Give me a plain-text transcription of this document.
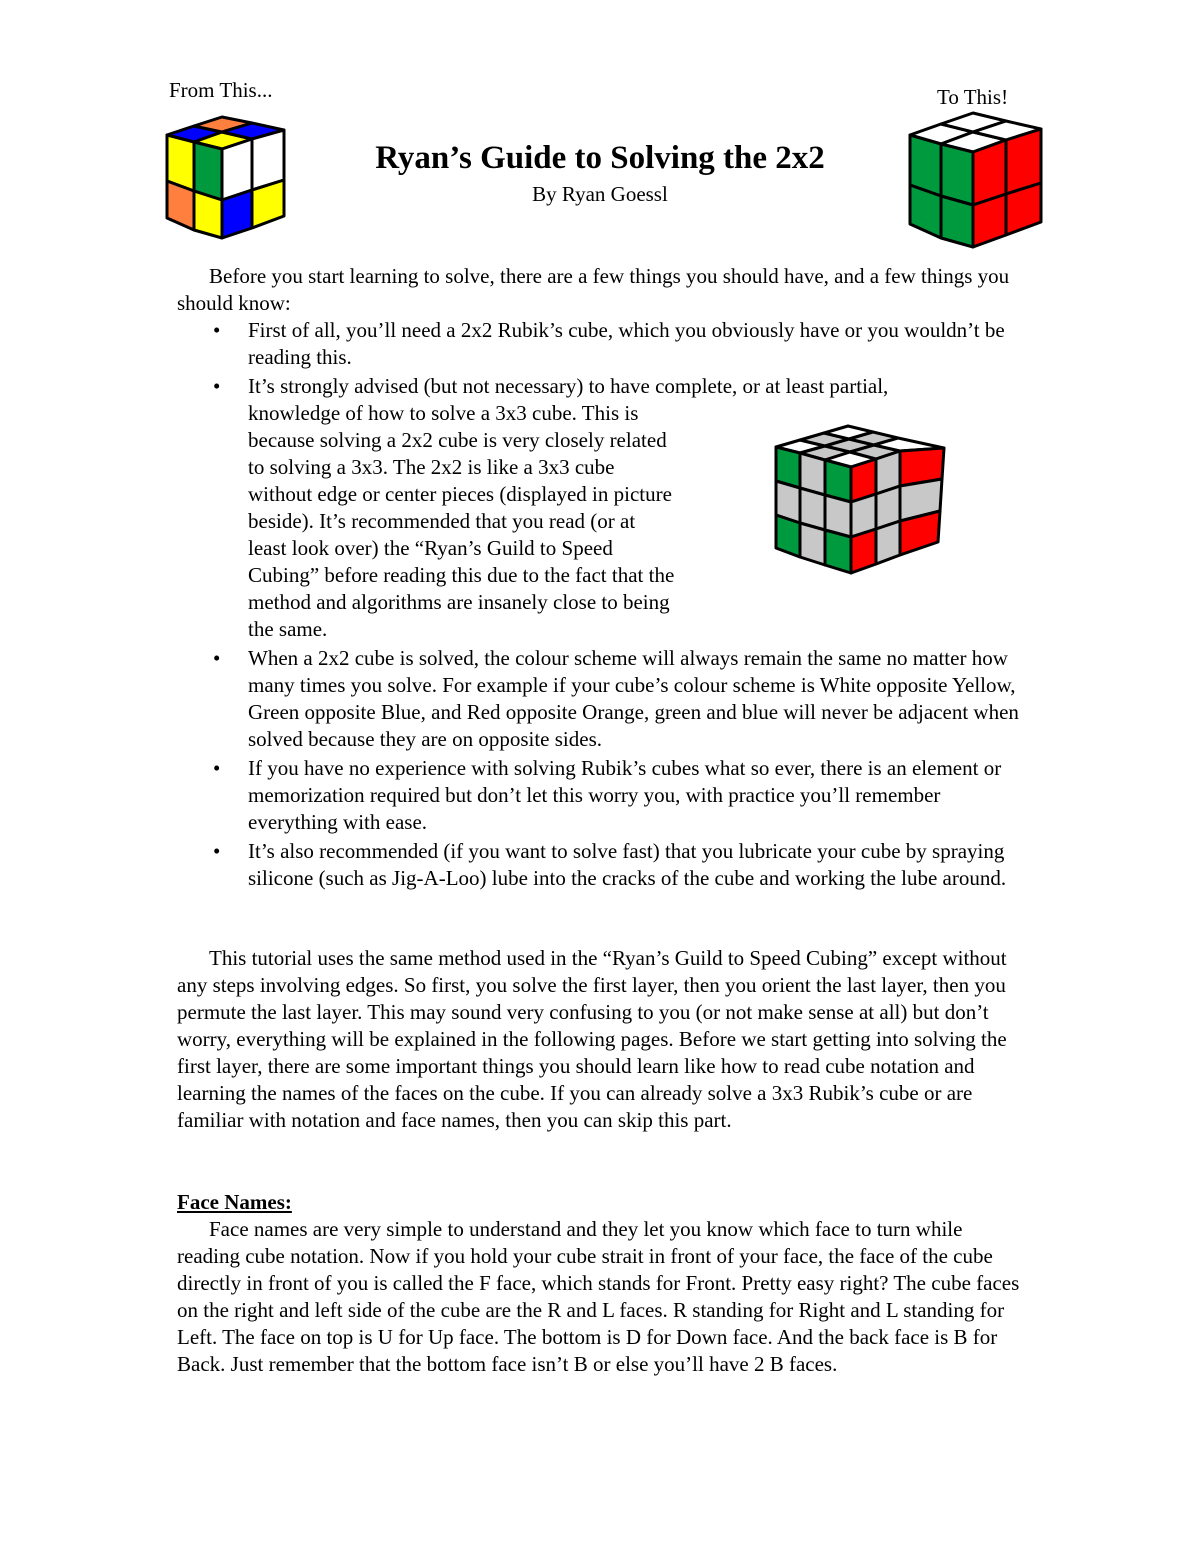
From This...	To This!
Ryan’s Guide to Solving the 2x2
By Ryan Goessl

Before you start learning to solve, there are a few things you should have, and a few things you should know:

• First of all, you’ll need a 2x2 Rubik’s cube, which you obviously have or you wouldn’t be reading this.
• It’s strongly advised (but not necessary) to have complete, or at least partial,
knowledge of how to solve a 3x3 cube. This is
because solving a 2x2 cube is very closely related
to solving a 3x3. The 2x2 is like a 3x3 cube
without edge or center pieces (displayed in picture
beside). It’s recommended that you read (or at
least look over) the “Ryan’s Guild to Speed
Cubing” before reading this due to the fact that the
method and algorithms are insanely close to being
the same.
• When a 2x2 cube is solved, the colour scheme will always remain the same no matter how many times you solve. For example if your cube’s colour scheme is White opposite Yellow, Green opposite Blue, and Red opposite Orange, green and blue will never be adjacent when solved because they are on opposite sides.
• If you have no experience with solving Rubik’s cubes what so ever, there is an element or memorization required but don’t let this worry you, with practice you’ll remember everything with ease.
• It’s also recommended (if you want to solve fast) that you lubricate your cube by spraying silicone (such as Jig-A-Loo) lube into the cracks of the cube and working the lube around.

This tutorial uses the same method used in the “Ryan’s Guild to Speed Cubing” except without any steps involving edges. So first, you solve the first layer, then you orient the last layer, then you permute the last layer. This may sound very confusing to you (or not make sense at all) but don’t worry, everything will be explained in the following pages. Before we start getting into solving the first layer, there are some important things you should learn like how to read cube notation and learning the names of the faces on the cube. If you can already solve a 3x3 Rubik’s cube or are familiar with notation and face names, then you can skip this part.

Face Names:

Face names are very simple to understand and they let you know which face to turn while reading cube notation. Now if you hold your cube strait in front of your face, the face of the cube directly in front of you is called the F face, which stands for Front. Pretty easy right? The cube faces on the right and left side of the cube are the R and L faces. R standing for Right and L standing for Left. The face on top is U for Up face. The bottom is D for Down face. And the back face is B for Back. Just remember that the bottom face isn’t B or else you’ll have 2 B faces.
